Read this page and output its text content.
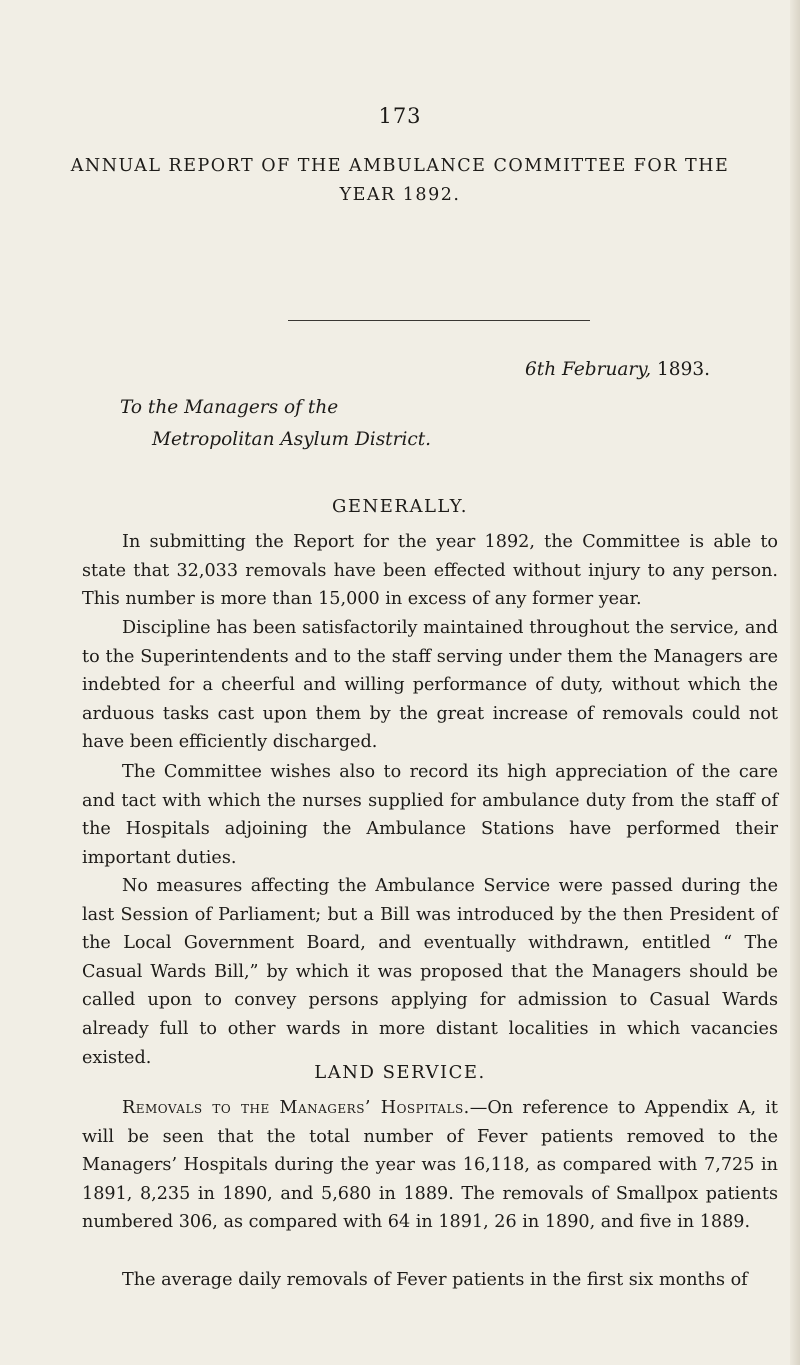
173
ANNUAL REPORT OF THE AMBULANCE COMMITTEE FOR THE YEAR 1892.
6th February, 1893.
To the Managers of the
Metropolitan Asylum District.
GENERALLY.

In submitting the Report for the year 1892, the Committee is able to state that 32,033 removals have been effected without injury to any person. This number is more than 15,000 in excess of any former year.

Discipline has been satisfactorily maintained throughout the service, and to the Superintendents and to the staff serving under them the Managers are indebted for a cheerful and willing performance of duty, without which the arduous tasks cast upon them by the great increase of removals could not have been efficiently discharged.

The Committee wishes also to record its high appreciation of the care and tact with which the nurses supplied for ambulance duty from the staff of the Hospitals adjoining the Ambulance Stations have performed their important duties.

No measures affecting the Ambulance Service were passed during the last Session of Parliament; but a Bill was introduced by the then President of the Local Government Board, and eventually withdrawn, entitled “ The Casual Wards Bill,” by which it was proposed that the Managers should be called upon to convey persons applying for admission to Casual Wards already full to other wards in more distant localities in which vacancies existed.

LAND SERVICE.

Removals to the Managers’ Hospitals.—On reference to Appendix A, it will be seen that the total number of Fever patients removed to the Managers’ Hospitals during the year was 16,118, as compared with 7,725 in 1891, 8,235 in 1890, and 5,680 in 1889. The removals of Smallpox patients numbered 306, as compared with 64 in 1891, 26 in 1890, and five in 1889.

The average daily removals of Fever patients in the first six months of
